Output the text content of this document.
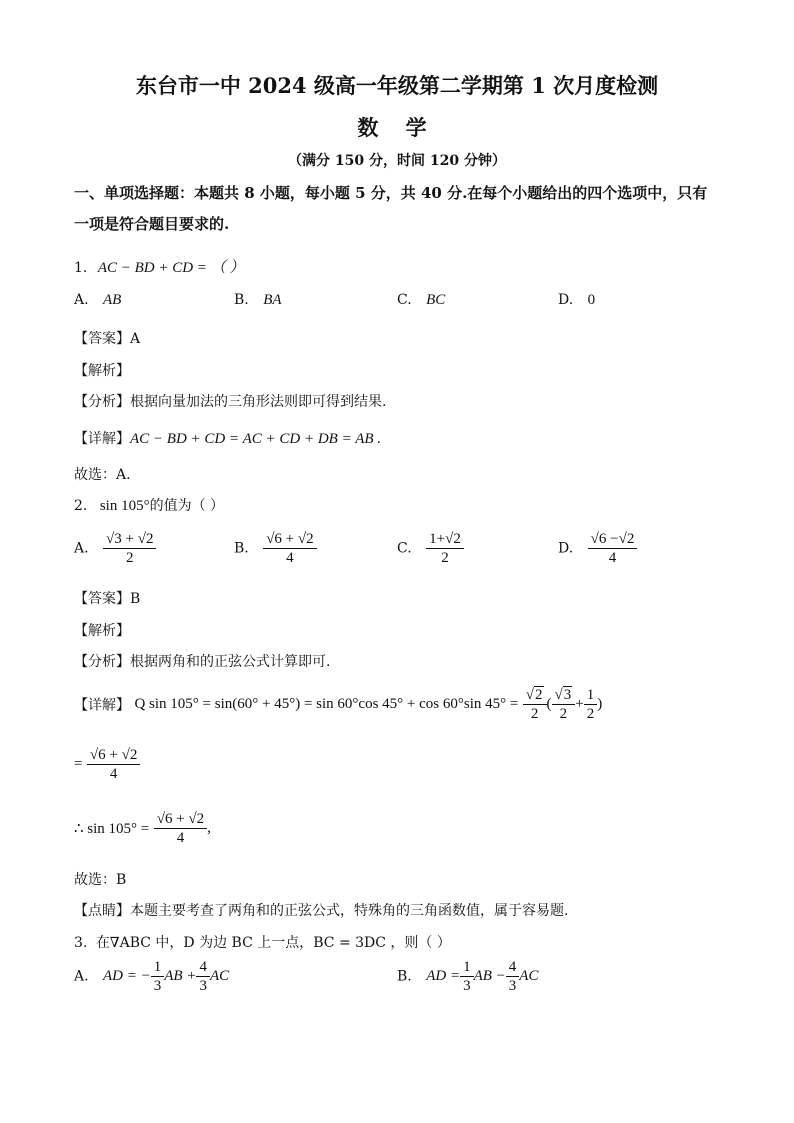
东台市一中 2024 级高一年级第二学期第 1 次月度检测
数 学
（满分 150 分，时间 120 分钟）
一、单项选择题：本题共 8 小题，每小题 5 分，共 40 分.在每个小题给出的四个选项中，只有
一项是符合题目要求的.
1. AC − BD + CD = （ ）
A. AB	B. BA	C. BC	D. 0
【答案】A
【解析】
【分析】根据向量加法的三角形法则即可得到结果.
【详解】AC − BD + CD = AC + CD + DB = AB .
故选：A.
2. sin 105°的值为（ ）
A. $\frac{√3 + √2}{2}$	B. $\frac{√6 + √2}{4}$	C. $\frac{1+√2}{2}$	D. $\frac{√6 -√2}{4}$
【答案】B
【解析】
【分析】根据两角和的正弦公式计算即可.
【详解】 Q sin 105° = sin(60° + 45°) = sin 60°cos 45° + cos 60°sin $45^\circ = \frac{√2}{2}$ ( $\frac{√3}{2} + \frac{1}{2}$ )
= $\frac{√6 + √2}{4}$
∴ $\sin 105^\circ = \frac{√6 + √2}{4}$ ,
故选：B
【点睛】本题主要考查了两角和的正弦公式，特殊角的三角函数值，属于容易题.
3. 在∇ABC 中，D 为边 BC 上一点，BC = 3DC ，则（ ）
A. AD = − $\frac{1}{3}$ AB + $\frac{4}{3}$ AC	B. AD = $\frac{1}{3}$ AB − $\frac{4}{3}$ AC
